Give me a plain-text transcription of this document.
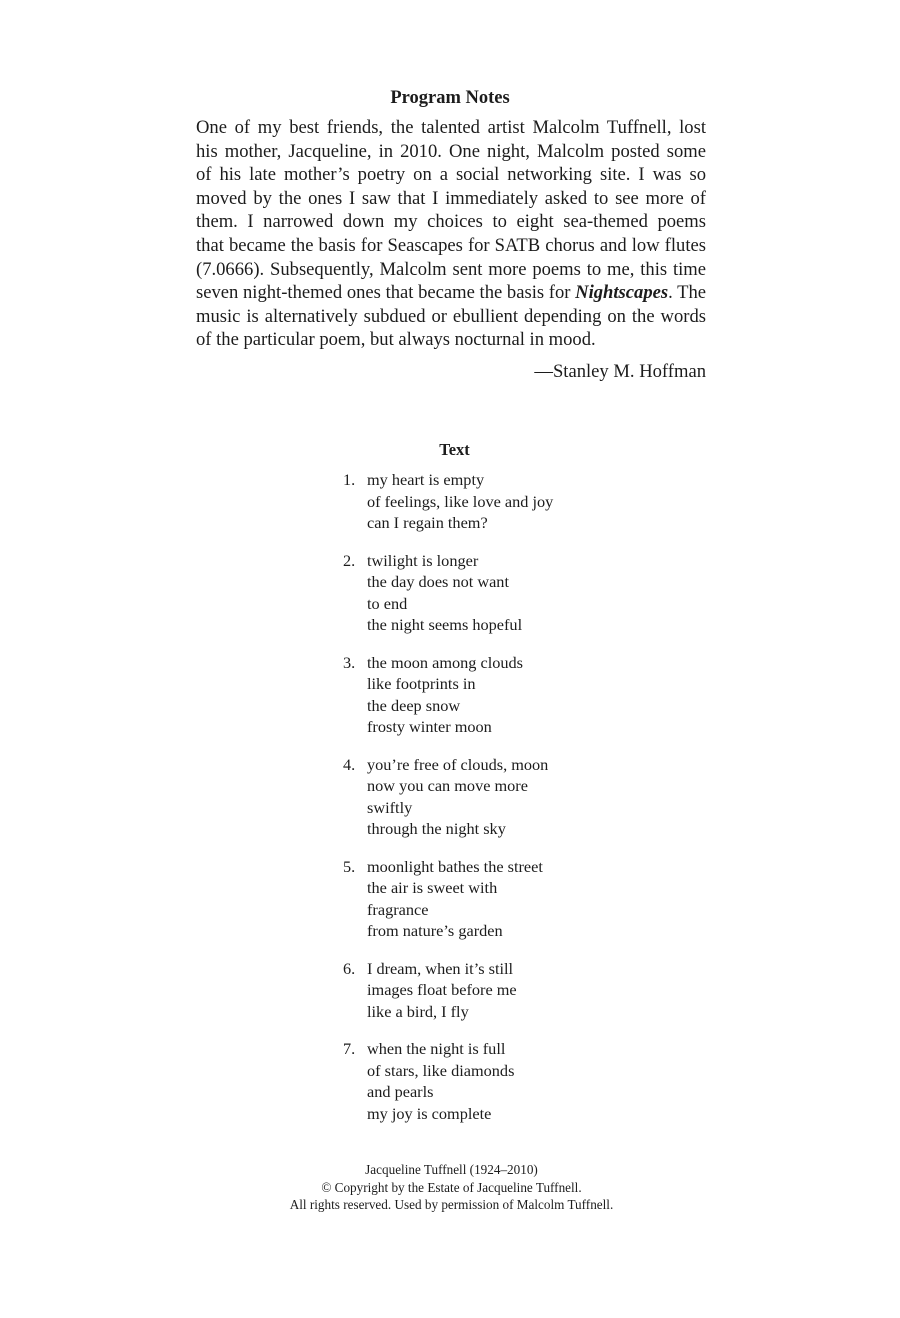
Program Notes
One of my best friends, the talented artist Malcolm Tuffnell, lost
his mother, Jacqueline, in 2010. One night, Malcolm posted some
of his late mother’s poetry on a social networking site. I was so
moved by the ones I saw that I immediately asked to see more of
them. I narrowed down my choices to eight sea-themed poems
that became the basis for Seascapes for SATB chorus and low flutes
(7.0666). Subsequently, Malcolm sent more poems to me, this time
seven night-themed ones that became the basis for Nightscapes. The
music is alternatively subdued or ebullient depending on the words
of the particular poem, but always nocturnal in mood.

—Stanley M. Hoffman

Text
1. my heart is empty
of feelings, like love and joy
can I regain them?
2. twilight is longer
the day does not want
to end
the night seems hopeful
3. the moon among clouds
like footprints in
the deep snow
frosty winter moon
4. you’re free of clouds, moon
now you can move more
swiftly
through the night sky
5. moonlight bathes the street
the air is sweet with
fragrance
from nature’s garden
6. I dream, when it’s still
images float before me
like a bird, I fly
7. when the night is full
of stars, like diamonds
and pearls
my joy is complete
Jacqueline Tuffnell (1924–2010)
© Copyright by the Estate of Jacqueline Tuffnell.
All rights reserved. Used by permission of Malcolm Tuffnell.
